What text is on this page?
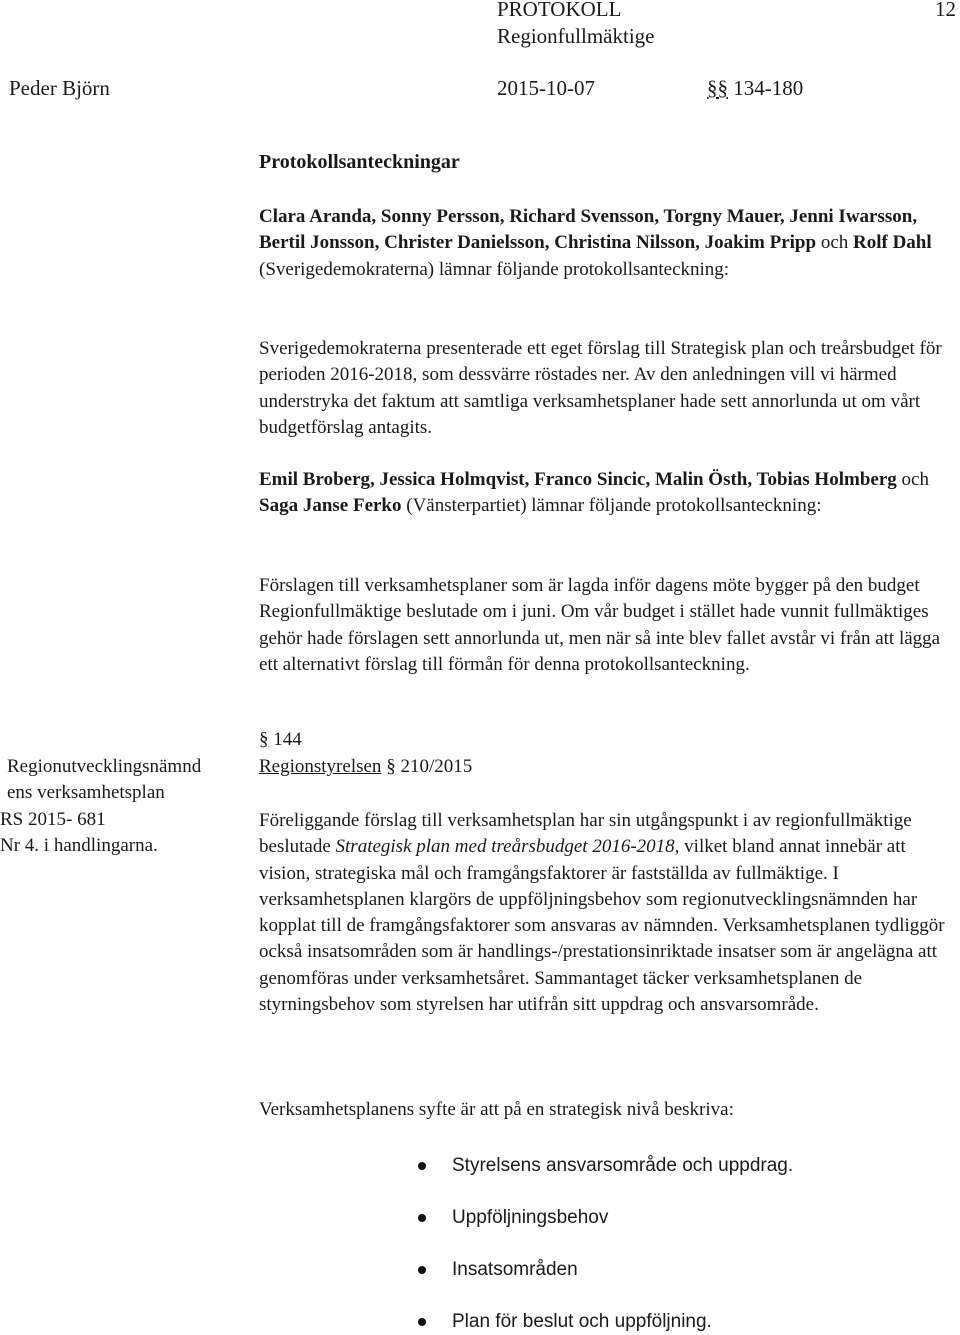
PROTOKOLL	12
Regionfullmäktige
Peder Björn	2015-10-07	§§ 134-180
Protokollsanteckningar
Clara Aranda, Sonny Persson, Richard Svensson, Torgny Mauer, Jenni Iwarsson, Bertil Jonsson, Christer Danielsson, Christina Nilsson, Joakim Pripp och Rolf Dahl (Sverigedemokraterna) lämnar följande protokollsanteckning:
Sverigedemokraterna presenterade ett eget förslag till Strategisk plan och treårsbudget för perioden 2016-2018, som dessvärre röstades ner. Av den anledningen vill vi härmed understryka det faktum att samtliga verksamhetsplaner hade sett annorlunda ut om vårt budgetförslag antagits.
Emil Broberg, Jessica Holmqvist, Franco Sincic, Malin Östh, Tobias Holmberg och Saga Janse Ferko (Vänsterpartiet) lämnar följande protokollsanteckning:
Förslagen till verksamhetsplaner som är lagda inför dagens möte bygger på den budget Regionfullmäktige beslutade om i juni. Om vår budget i stället hade vunnit fullmäktiges gehör hade förslagen sett annorlunda ut, men när så inte blev fallet avstår vi från att lägga ett alternativt förslag till förmån för denna protokollsanteckning.
§ 144
Regionstyrelsen § 210/2015
Regionutvecklingsnämnd
ens verksamhetsplan
RS 2015- 681
Nr 4. i handlingarna.
Föreliggande förslag till verksamhetsplan har sin utgångspunkt i av regionfullmäktige beslutade Strategisk plan med treårsbudget 2016-2018, vilket bland annat innebär att vision, strategiska mål och framgångsfaktorer är fastställda av fullmäktige. I verksamhetsplanen klargörs de uppföljningsbehov som regionutvecklingsnämnden har kopplat till de framgångsfaktorer som ansvaras av nämnden. Verksamhetsplanen tydliggör också insatsområden som är handlings-/prestationsinriktade insatser som är angelägna att genomföras under verksamhetsåret. Sammantaget täcker verksamhetsplanen de styrningsbehov som styrelsen har utifrån sitt uppdrag och ansvarsområde.
Verksamhetsplanens syfte är att på en strategisk nivå beskriva:
Styrelsens ansvarsområde och uppdrag.
Uppföljningsbehov
Insatsområden
Plan för beslut och uppföljning.
